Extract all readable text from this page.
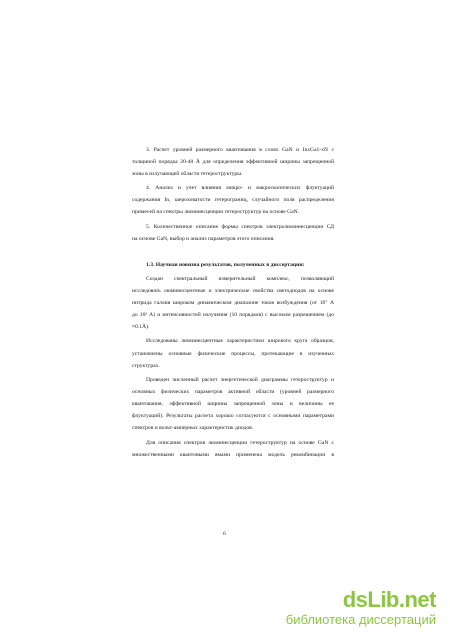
3. Расчет уровней размерного квантования в слоях GaN и InxGa1-xN с
толщиной порядка 20-40 Å для определения эффективной ширины запрещенной
зоны в излучающей области гетероструктуры.
4. Анализ и учет влияния микро- и макроскопических флуктуаций
содержания In, шероховатости гетерограниц, случайного поля распределения
примесей на спектры люминесценции гетероструктур на основе GaN.
5. Количественное описание формы спектров электролюминесценции СД
на основе GaN, выбор и анализ параметров этого описания.
1.3. Научная новизна результатов, полученных в диссертации:
Создан спектральный измерительный комплекс, позволяющий
исследовать люминесцентные и электрические свойства светодиодов на основе
нитрида галлия широком динамическом диапазоне токов возбуждения (от 10⁷ А
до 10² А) и интенсивностей излучения (10 порядков) с высоким разрешением (до
≈0.1Å).
Исследованы люминесцентные характеристики широкого круга образцов,
установлены основные физические процессы, протекающие в изученных
структурах.
Проведен численный расчет энергетической диаграммы гетероструктур и
основных физических параметров активной области (уровней размерного
квантования, эффективной ширины запрещенной зоны и величины ее
флуктуаций). Результаты расчета хорошо согласуются с основными параметрами
спектров и вольт-амперных характеристик диодов.
Для описания спектров люминесценции гетероструктур на основе GaN с
множественными квантовыми ямами применена модель рекомбинации в
6
dsLib.net
библиотека диссертаций
